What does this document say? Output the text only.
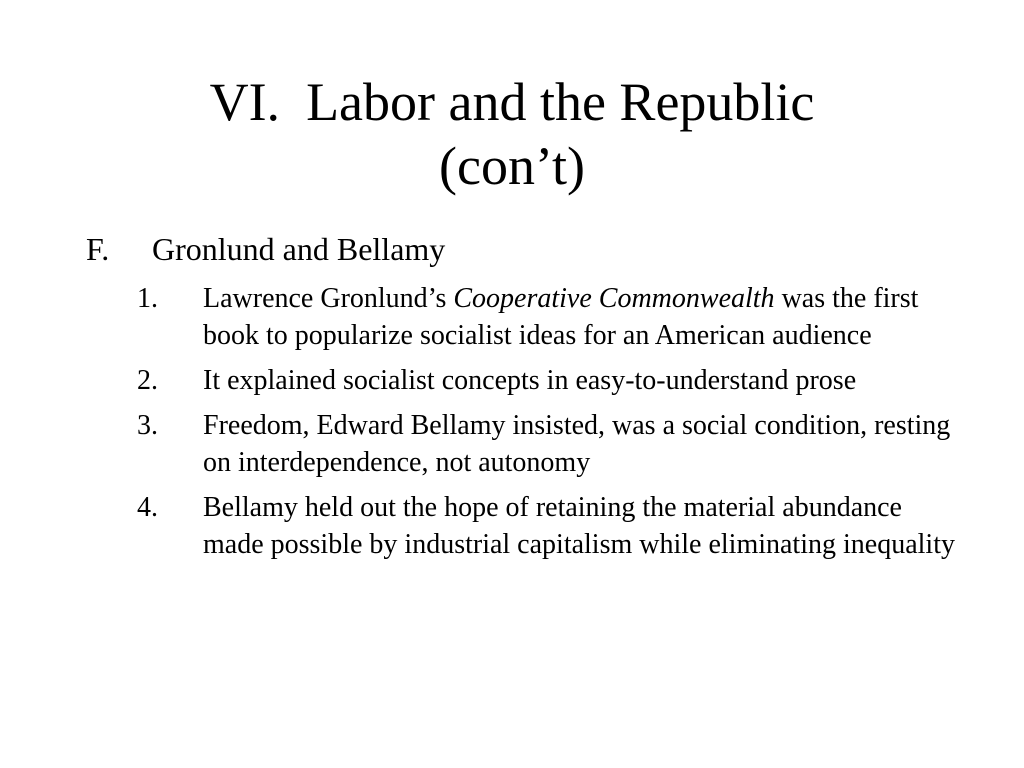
VI. Labor and the Republic
(con’t)
F. Gronlund and Bellamy
1. Lawrence Gronlund’s Cooperative Commonwealth was the first book to popularize socialist ideas for an American audience
2. It explained socialist concepts in easy-to-understand prose
3. Freedom, Edward Bellamy insisted, was a social condition, resting on interdependence, not autonomy
4. Bellamy held out the hope of retaining the material abundance made possible by industrial capitalism while eliminating inequality
